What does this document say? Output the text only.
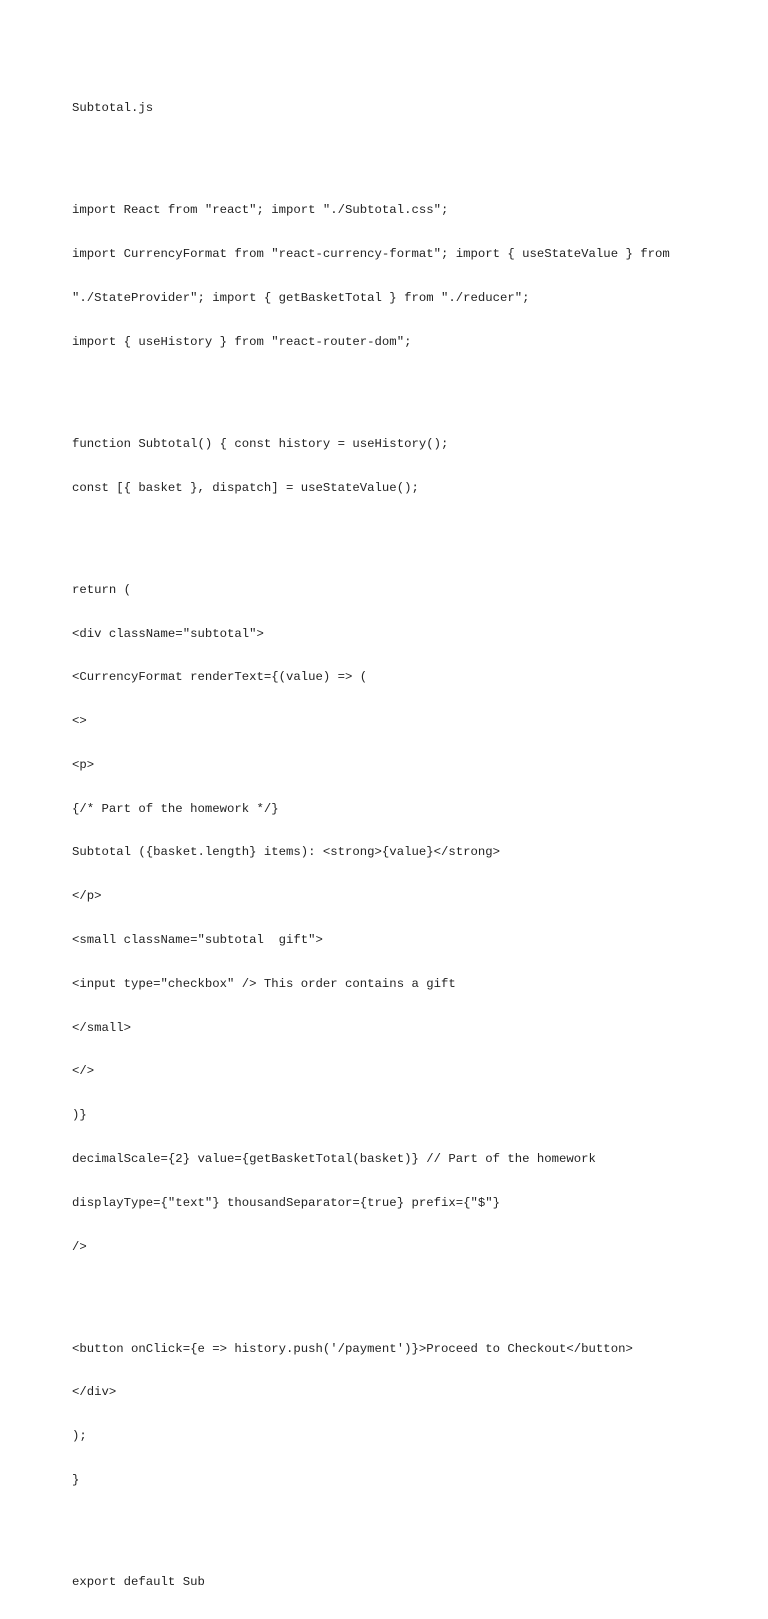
Subtotal.js

import React from "react"; import "./Subtotal.css";

import CurrencyFormat from "react-currency-format"; import { useStateValue } from

"./StateProvider"; import { getBasketTotal } from "./reducer";

import { useHistory } from "react-router-dom";

function Subtotal() { const history = useHistory();

const [{ basket }, dispatch] = useStateValue();

return (

<div className="subtotal">

<CurrencyFormat renderText={(value) => (

<>

<p>

{/* Part of the homework */}

Subtotal ({basket.length} items): <strong>{value}</strong>

</p>

<small className="subtotal  gift">

<input type="checkbox" /> This order contains a gift

</small>

</>

)}

decimalScale={2} value={getBasketTotal(basket)} // Part of the homework

displayType={"text"} thousandSeparator={true} prefix={"$"}

/>

<button onClick={e => history.push('/payment')}>Proceed to Checkout</button>

</div>

);

}

export default Sub
